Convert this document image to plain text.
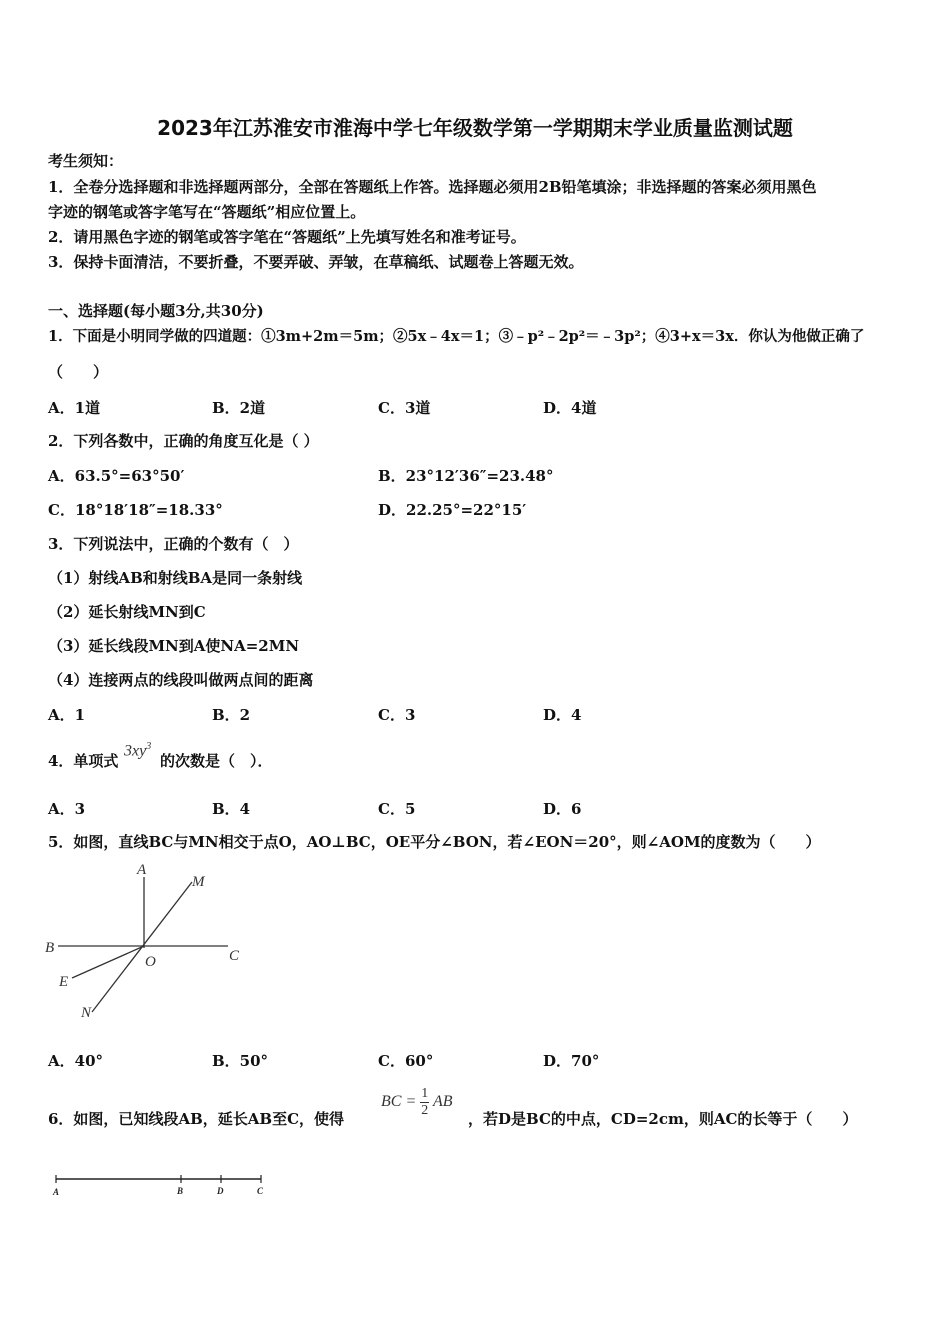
2023年江苏淮安市淮海中学七年级数学第一学期期末学业质量监测试题
考生须知：
1．全卷分选择题和非选择题两部分，全部在答题纸上作答。选择题必须用2B铅笔填涂；非选择题的答案必须用黑色
字迹的钢笔或答字笔写在“答题纸”相应位置上。
2．请用黑色字迹的钢笔或答字笔在“答题纸”上先填写姓名和准考证号。
3．保持卡面清洁，不要折叠，不要弄破、弄皱，在草稿纸、试题卷上答题无效。
一、选择题(每小题3分,共30分)
1．下面是小明同学做的四道题：①3m+2m＝5m；②5x﹣4x＝1；③﹣p²﹣2p²＝﹣3p²；④3+x＝3x．你认为他做正确了
（　　）
A．1道	B．2道	C．3道	D．4道
2．下列各数中，正确的角度互化是（ ）
A．63.5°=63°50′	B．23°12′36″=23.48°
C．18°18′18″=18.33°	D．22.25°=22°15′
3．下列说法中，正确的个数有（　）
（1）射线AB和射线BA是同一条射线
（2）延长射线MN到C
（3）延长线段MN到A使NA=2MN
（4）连接两点的线段叫做两点间的距离
A．1	B．2	C．3	D．4
4．单项式
$3xy^3$
的次数是（　）．
A．3	B．4	C．5	D．6
5．如图，直线BC与MN相交于点O，AO⊥BC，OE平分∠BON，若∠EON＝20°，则∠AOM的度数为（　　）
A
M
B
O	C
E
N
A．40°	B．50°	C．60°	D．70°
6．如图，已知线段AB，延长AB至C，使得
BC = $\frac{1}{2}$ AB
，若D是BC的中点，CD=2cm，则AC的长等于（　　）
A	B	D	C
